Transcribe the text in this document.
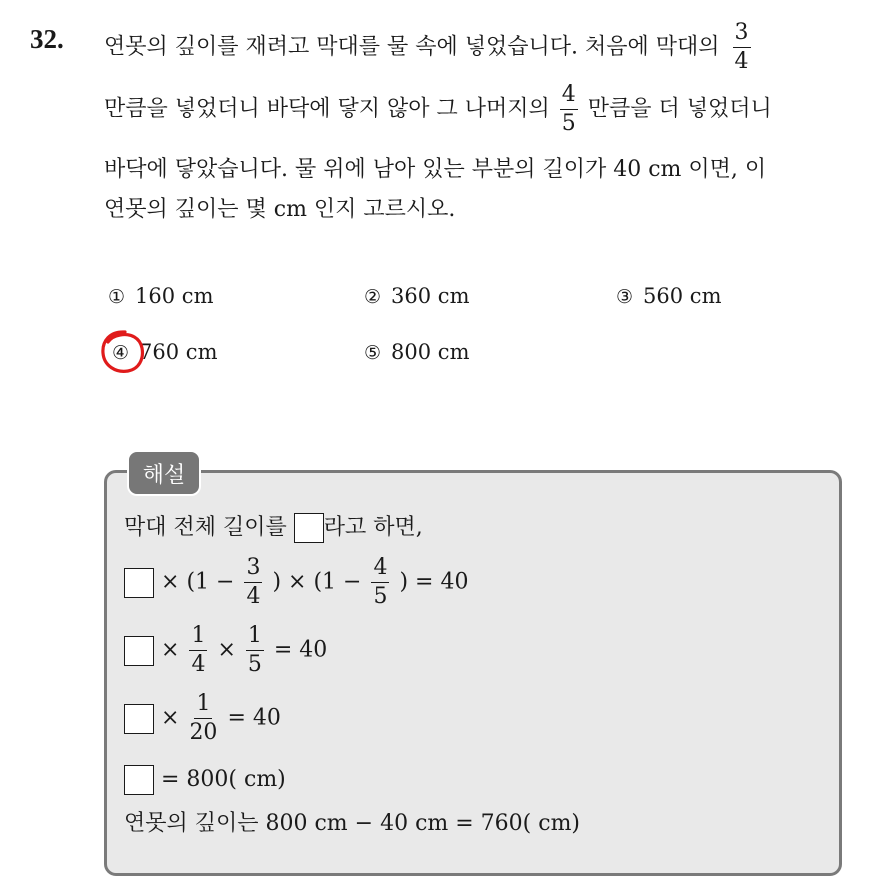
32. 연못의 깊이를 재려고 막대를 물 속에 넣었습니다. 처음에 막대의 $\frac{3}{4}$
만큼을 넣었더니 바닥에 닿지 않아 그 나머지의 $\frac{4}{5}$ 만큼을 더 넣었더니
바닥에 닿았습니다. 물 위에 남아 있는 부분의 길이가 40 cm 이면, 이
연못의 깊이는 몇 cm 인지 고르시오.
① 160 cm	② 360 cm	③ 560 cm
④ 760 cm	⑤ 800 cm
해설
막대 전체 길이를 라고 하면,
× ($1 - \frac{3}{4}$ ) × ($1 - \frac{4}{5}$ ) = 40
× $\frac{1}{4} \times \frac{1}{5} = 40$
× $\frac{1}{20} = 40$
= 800( cm)
연못의 깊이는 800 cm − 40 cm = 760( cm)
